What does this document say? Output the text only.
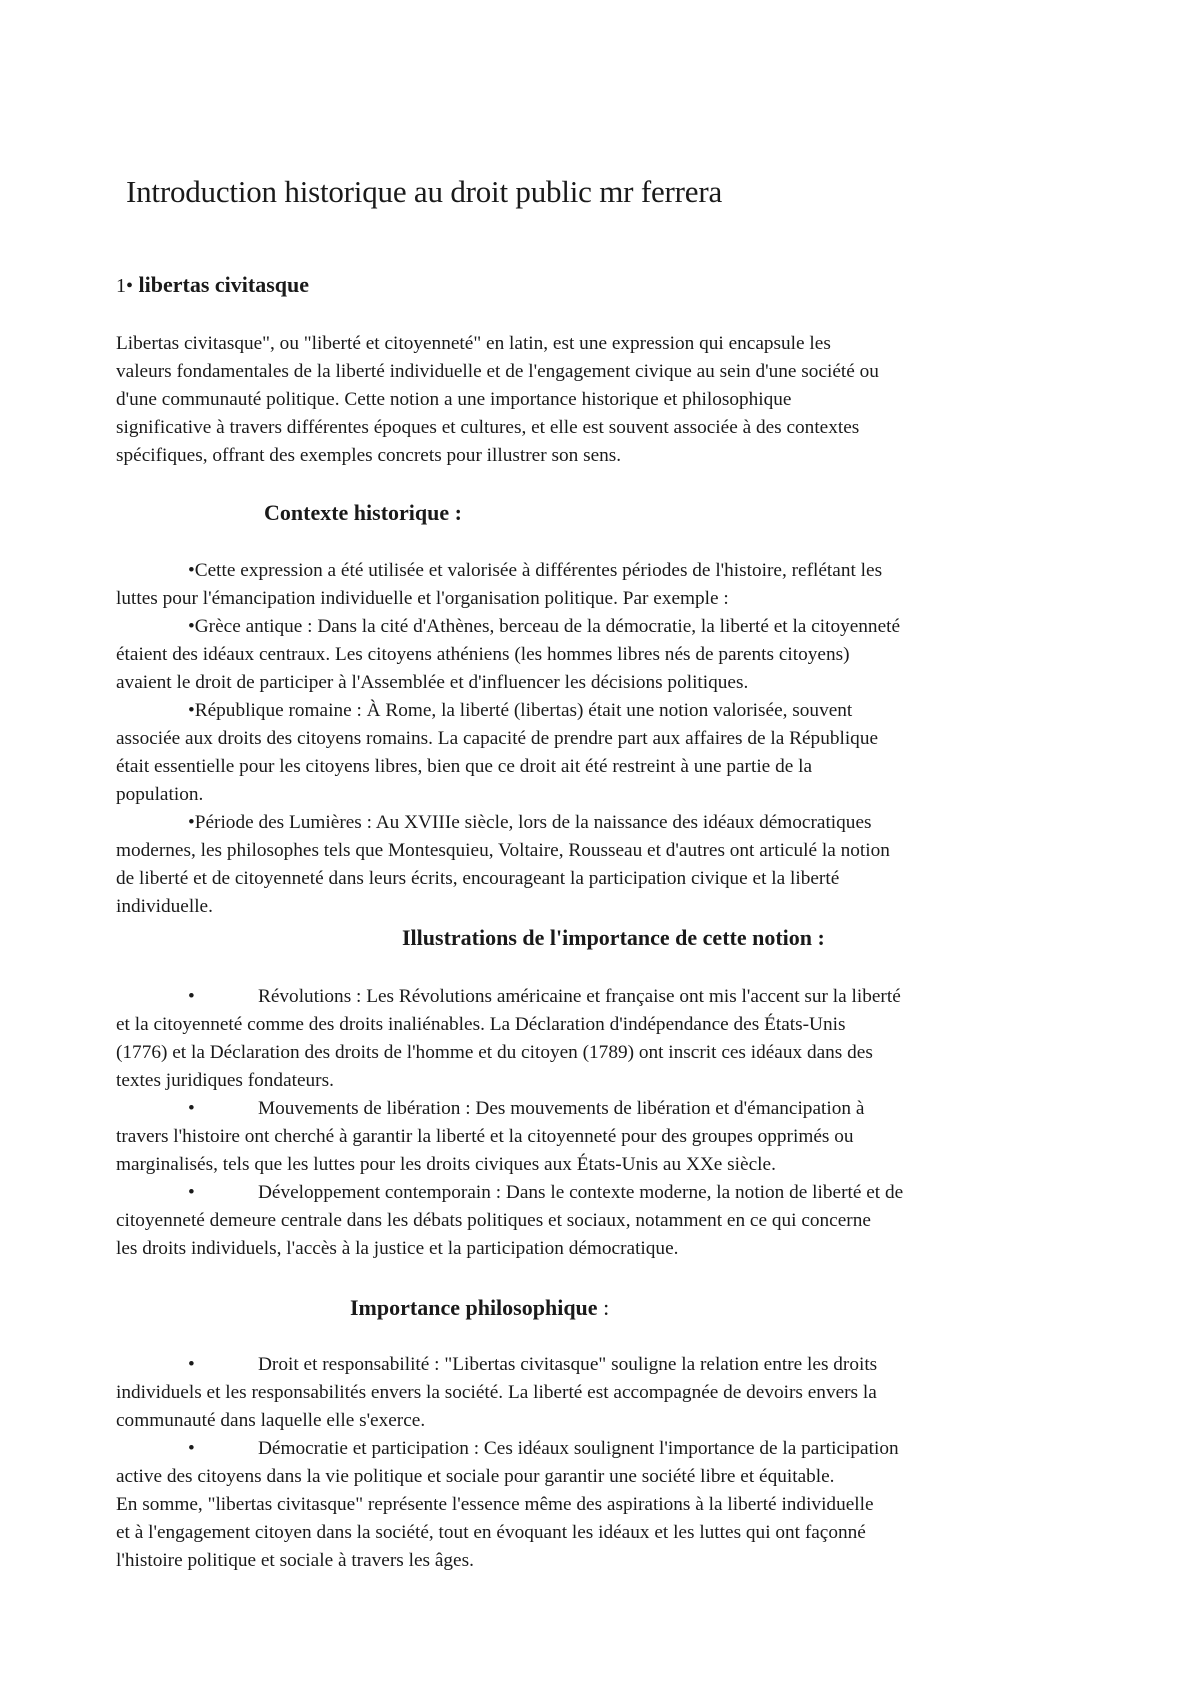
Introduction historique au droit public mr ferrera
1• libertas civitasque

Libertas civitasque", ou "liberté et citoyenneté" en latin, est une expression qui encapsule les
valeurs fondamentales de la liberté individuelle et de l'engagement civique au sein d'une société ou
d'une communauté politique. Cette notion a une importance historique et philosophique
significative à travers différentes époques et cultures, et elle est souvent associée à des contextes
spécifiques, offrant des exemples concrets pour illustrer son sens.

Contexte historique :
•Cette expression a été utilisée et valorisée à différentes périodes de l'histoire, reflétant les
luttes pour l'émancipation individuelle et l'organisation politique. Par exemple :
•Grèce antique : Dans la cité d'Athènes, berceau de la démocratie, la liberté et la citoyenneté
étaient des idéaux centraux. Les citoyens athéniens (les hommes libres nés de parents citoyens)
avaient le droit de participer à l'Assemblée et d'influencer les décisions politiques.
•République romaine : À Rome, la liberté (libertas) était une notion valorisée, souvent
associée aux droits des citoyens romains. La capacité de prendre part aux affaires de la République
était essentielle pour les citoyens libres, bien que ce droit ait été restreint à une partie de la
population.
•Période des Lumières : Au XVIIIe siècle, lors de la naissance des idéaux démocratiques
modernes, les philosophes tels que Montesquieu, Voltaire, Rousseau et d'autres ont articulé la notion
de liberté et de citoyenneté dans leurs écrits, encourageant la participation civique et la liberté
individuelle.
Illustrations de l'importance de cette notion :
•	Révolutions : Les Révolutions américaine et française ont mis l'accent sur la liberté
et la citoyenneté comme des droits inaliénables. La Déclaration d'indépendance des États-Unis
(1776) et la Déclaration des droits de l'homme et du citoyen (1789) ont inscrit ces idéaux dans des
textes juridiques fondateurs.
•	Mouvements de libération : Des mouvements de libération et d'émancipation à
travers l'histoire ont cherché à garantir la liberté et la citoyenneté pour des groupes opprimés ou
marginalisés, tels que les luttes pour les droits civiques aux États-Unis au XXe siècle.
•	Développement contemporain : Dans le contexte moderne, la notion de liberté et de
citoyenneté demeure centrale dans les débats politiques et sociaux, notamment en ce qui concerne
les droits individuels, l'accès à la justice et la participation démocratique.
Importance philosophique :
•	Droit et responsabilité : "Libertas civitasque" souligne la relation entre les droits
individuels et les responsabilités envers la société. La liberté est accompagnée de devoirs envers la
communauté dans laquelle elle s'exerce.
•	Démocratie et participation : Ces idéaux soulignent l'importance de la participation
active des citoyens dans la vie politique et sociale pour garantir une société libre et équitable.
En somme, "libertas civitasque" représente l'essence même des aspirations à la liberté individuelle
et à l'engagement citoyen dans la société, tout en évoquant les idéaux et les luttes qui ont façonné
l'histoire politique et sociale à travers les âges.
